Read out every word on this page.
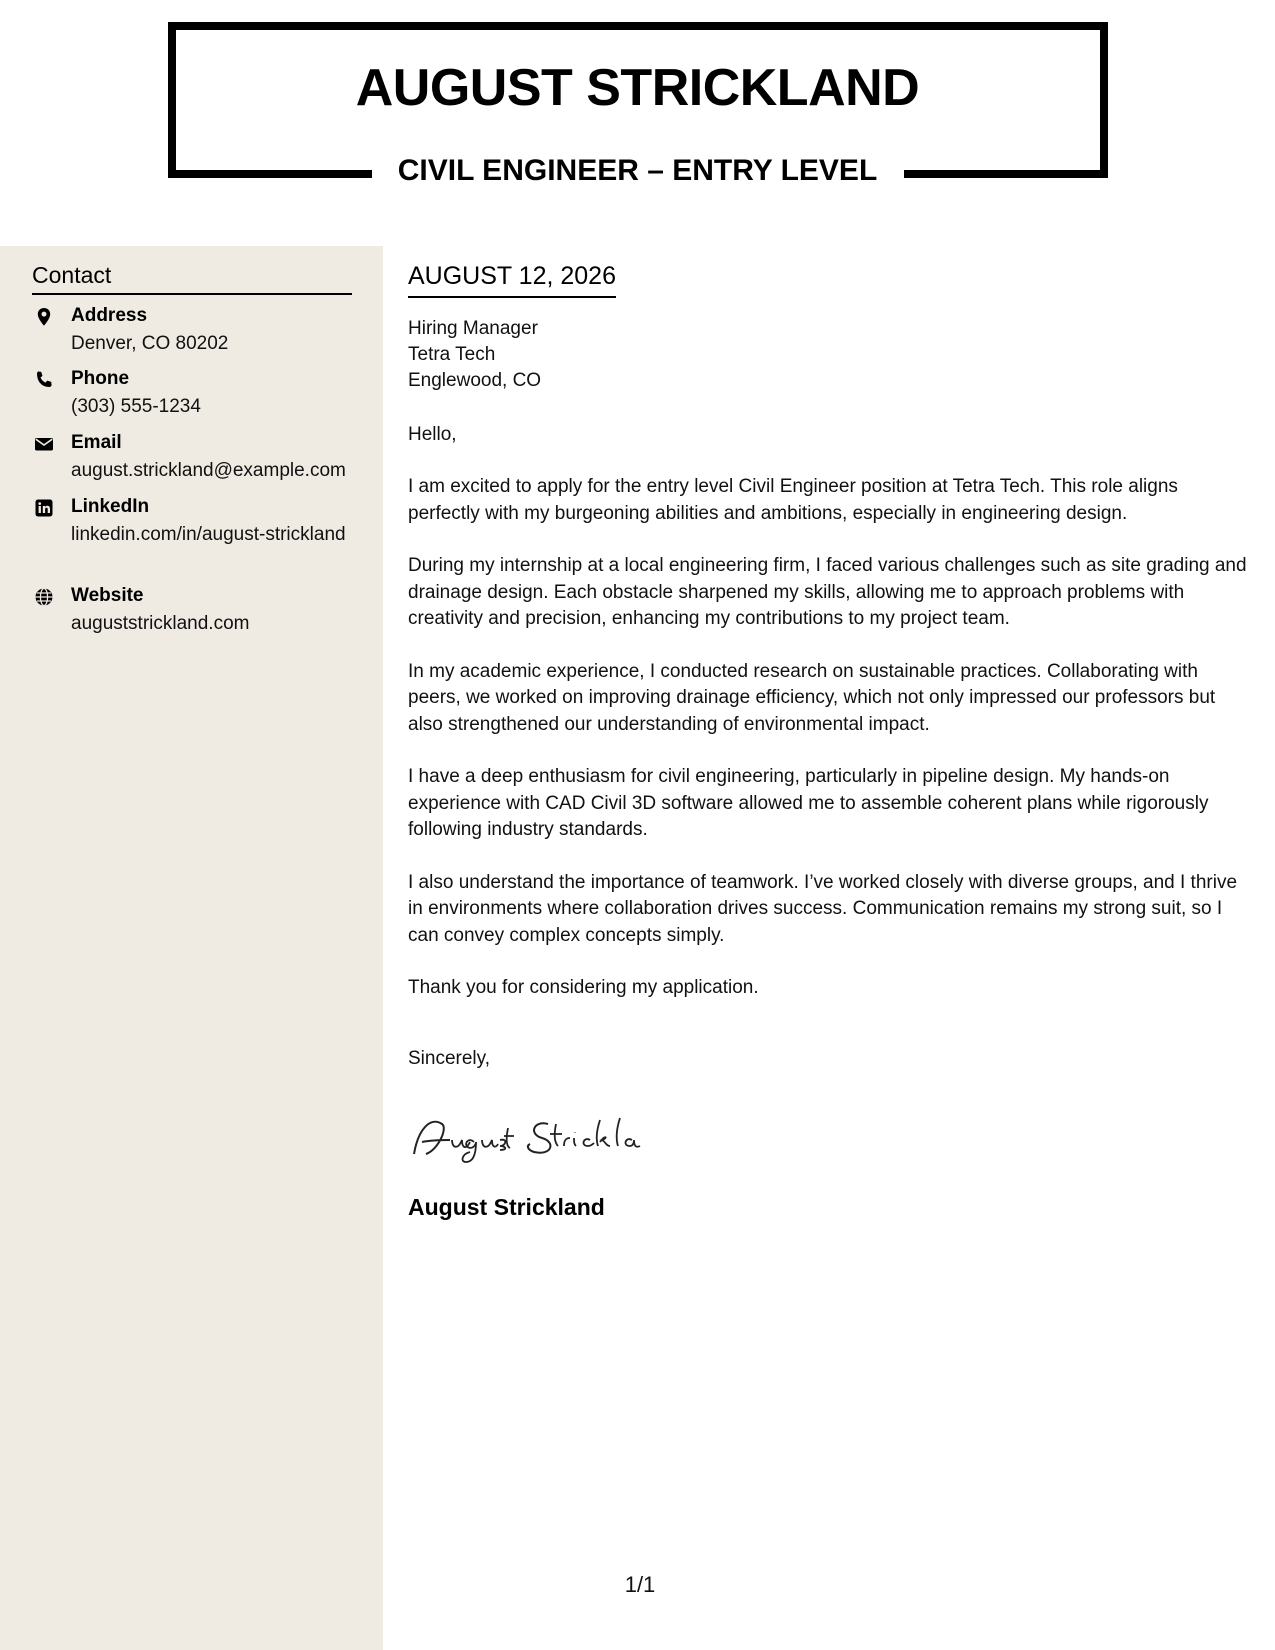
AUGUST STRICKLAND
CIVIL ENGINEER – ENTRY LEVEL
Contact
Address
Denver, CO 80202
Phone
(303) 555-1234
Email
august.strickland@example.com
LinkedIn
linkedin.com/in/august-strickland
Website
auguststrickland.com
AUGUST 12, 2026
Hiring Manager
Tetra Tech
Englewood, CO
Hello,

I am excited to apply for the entry level Civil Engineer position at Tetra Tech. This role aligns perfectly with my burgeoning abilities and ambitions, especially in engineering design.

During my internship at a local engineering firm, I faced various challenges such as site grading and drainage design. Each obstacle sharpened my skills, allowing me to approach problems with creativity and precision, enhancing my contributions to my project team.

In my academic experience, I conducted research on sustainable practices. Collaborating with peers, we worked on improving drainage efficiency, which not only impressed our professors but also strengthened our understanding of environmental impact.

I have a deep enthusiasm for civil engineering, particularly in pipeline design. My hands-on experience with CAD Civil 3D software allowed me to assemble coherent plans while rigorously following industry standards.

I also understand the importance of teamwork. I’ve worked closely with diverse groups, and I thrive in environments where collaboration drives success. Communication remains my strong suit, so I can convey complex concepts simply.

Thank you for considering my application.

Sincerely,
August Strickland
1/1
